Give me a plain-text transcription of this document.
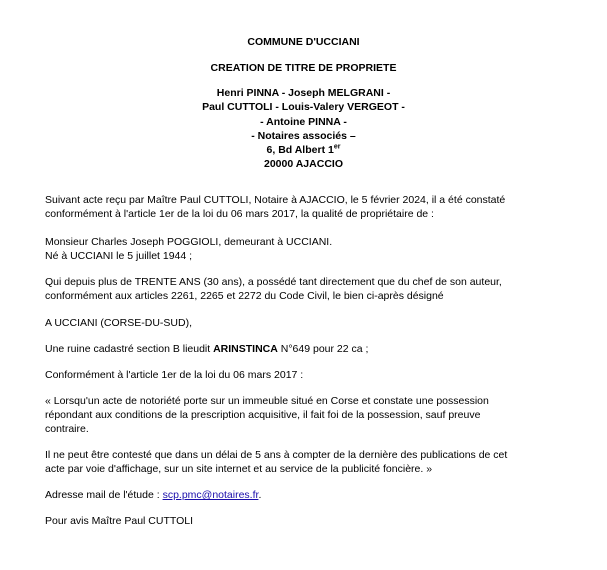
COMMUNE D'UCCIANI
CREATION DE TITRE DE PROPRIETE
Henri PINNA - Joseph MELGRANI -
Paul CUTTOLI - Louis-Valery VERGEOT -
- Antoine PINNA -
- Notaires associés –
6, Bd Albert 1er
20000 AJACCIO

Suivant acte reçu par Maître Paul CUTTOLI, Notaire à AJACCIO, le 5 février 2024, il a été constaté

conformément à l'article 1er de la loi du 06 mars 2017, la qualité de propriétaire de :

Monsieur Charles Joseph POGGIOLI, demeurant à UCCIANI.

Né à UCCIANI le 5 juillet 1944 ;

Qui depuis plus de TRENTE ANS (30 ans), a possédé tant directement que du chef de son auteur,

conformément aux articles 2261, 2265 et 2272 du Code Civil, le bien ci-après désigné

A UCCIANI (CORSE-DU-SUD),
Une ruine cadastré section B lieudit ARINSTINCA N°649 pour 22 ca ;
Conformément à l'article 1er de la loi du 06 mars 2017 :

« Lorsqu'un acte de notoriété porte sur un immeuble situé en Corse et constate une possession

répondant aux conditions de la prescription acquisitive, il fait foi de la possession, sauf preuve

contraire.

Il ne peut être contesté que dans un délai de 5 ans à compter de la dernière des publications de cet

acte par voie d'affichage, sur un site internet et au service de la publicité foncière. »

Adresse mail de l'étude : scp.pmc@notaires.fr.
Pour avis Maître Paul CUTTOLI
